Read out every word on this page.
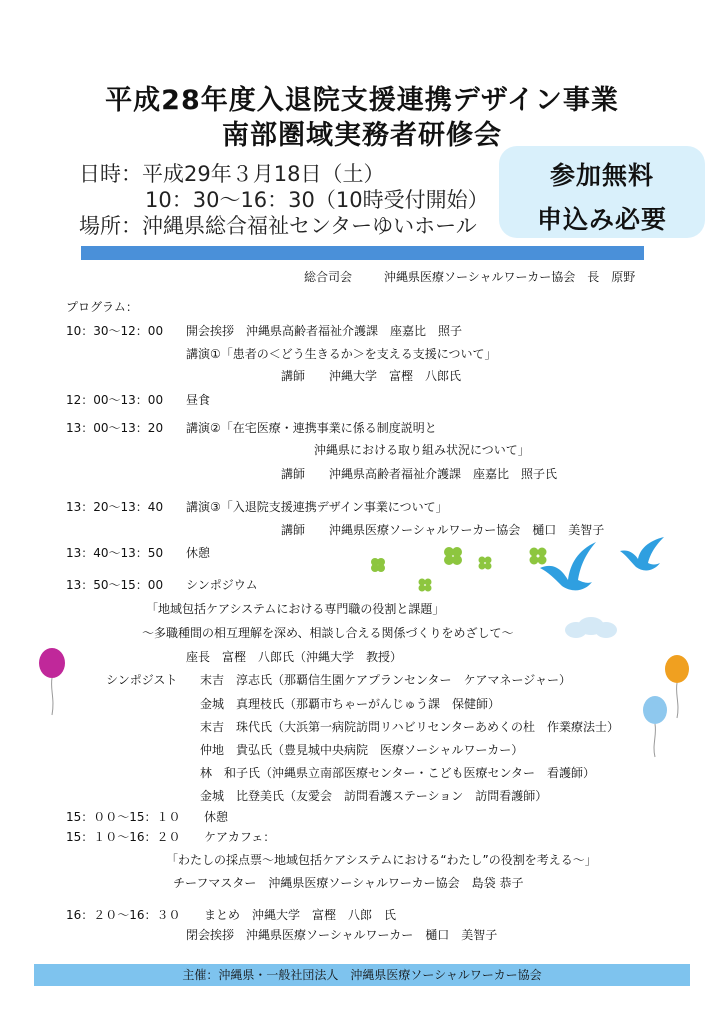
平成28年度入退院支援連携デザイン事業
南部圏域実務者研修会
日時：平成29年３月18日（土）
10：30～16：30（10時受付開始）
場所：沖縄県総合福祉センターゆいホール
参加無料
申込み必要
総合司会	沖縄県医療ソーシャルワーカー協会　長　原野
プログラム：
10：30～12：00 開会挨拶　沖縄県高齢者福祉介護課　座嘉比　照子
講演①「患者の＜どう生きるか＞を支える支援について」
講師　　沖縄大学　富樫　八郎氏
12：00～13：00 昼食
13：00～13：20 講演②「在宅医療・連携事業に係る制度説明と
沖縄県における取り組み状況について」
講師　　沖縄県高齢者福祉介護課　座嘉比　照子氏
13：20～13：40 講演③「入退院支援連携デザイン事業について」
講師　　沖縄県医療ソーシャルワーカー協会　樋口　美智子
13：40～13：50 休憩
13：50～15：00 シンポジウム
「地域包括ケアシステムにおける専門職の役割と課題」
～多職種間の相互理解を深め、相談し合える関係づくりをめざして～
座長　富樫　八郎氏（沖縄大学　教授）
シンポジスト 末吉　淳志氏（那覇信生園ケアプランセンター　ケアマネージャー）
金城　真理枝氏（那覇市ちゃーがんじゅう課　保健師）
末吉　珠代氏（大浜第一病院訪問リハビリセンターあめくの杜　作業療法士）
仲地　貴弘氏（豊見城中央病院　医療ソーシャルワーカー）
林　和子氏（沖縄県立南部医療センター・こども医療センター　看護師）
金城　比登美氏（友愛会　訪問看護ステーション　訪問看護師）
15：００～15：１０ 休憩
15：１０～16：２０ ケアカフェ：
「わたしの採点票～地域包括ケアシステムにおける“わたし”の役割を考える～」
チーフマスター　沖縄県医療ソーシャルワーカー協会　島袋 恭子
16：２０～16：３０ まとめ　沖縄大学　富樫　八郎　氏
閉会挨拶　沖縄県医療ソーシャルワーカー　樋口　美智子
主催：沖縄県・一般社団法人　沖縄県医療ソーシャルワーカー協会
